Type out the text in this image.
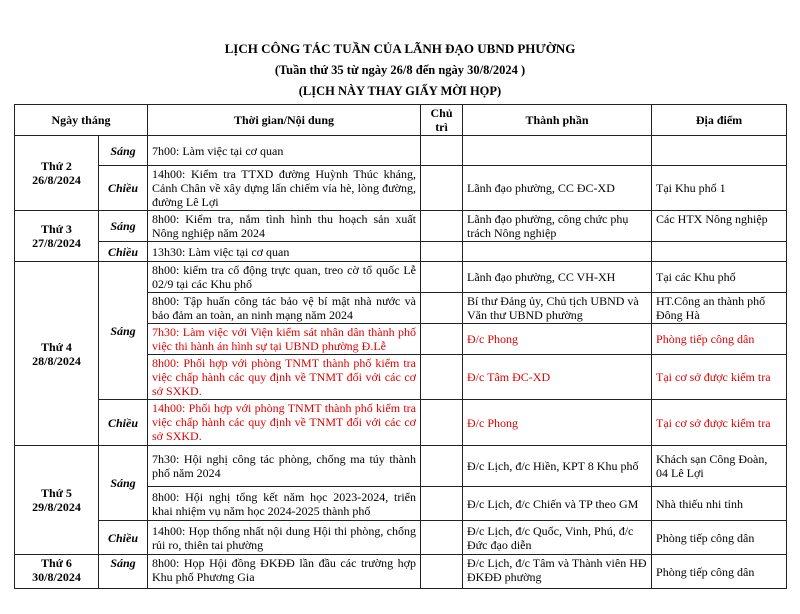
LỊCH CÔNG TÁC TUẦN CỦA LÃNH ĐẠO UBND PHƯỜNG
(Tuần thứ 35 từ ngày 26/8 đến ngày 30/8/2024 )
(LỊCH NÀY THAY GIẤY MỜI HỌP)
Ngày tháng		Thời gian/Nội dung	Chủ trì	Thành phần	Địa điểm

Thứ 2
26/8/2024	Sáng	7h00: Làm việc tại cơ quan			
	Chiều	14h00: Kiểm tra TTXD đường Huỳnh Thúc kháng, Cảnh Chân về xây dựng lấn chiếm vỉa hè, lòng đường, đường Lê Lợi		Lãnh đạo phường, CC ĐC-XD	Tại Khu phố 1

Thứ 3
27/8/2024	Sáng	8h00: Kiểm tra, nắm tình hình thu hoạch sản xuất Nông nghiệp năm 2024		Lãnh đạo phường, công chức phụ trách Nông nghiệp	Các HTX Nông nghiệp
	Chiều	13h30: Làm việc tại cơ quan			

Thứ 4
28/8/2024	Sáng	8h00: kiểm tra cổ động trực quan, treo cờ tổ quốc Lễ 02/9 tại các Khu phố		Lãnh đạo phường, CC VH-XH	Tại các Khu phố
		8h00: Tập huấn công tác bảo vệ bí mật nhà nước và bảo đảm an toàn, an ninh mạng năm 2024		Bí thư Đảng ủy, Chủ tịch UBND và Văn thư UBND phường	HT.Công an thành phố Đông Hà
		7h30: Làm việc với Viện kiểm sát nhân dân thành phố việc thi hành án hình sự tại UBND phường Đ.Lễ		Đ/c Phong	Phòng tiếp công dân
		8h00: Phối hợp với phòng TNMT thành phố kiểm tra việc chấp hành các quy định về TNMT đối với các cơ sở SXKD.		Đ/c Tâm ĐC-XD	Tại cơ sở được kiểm tra
	Chiều	14h00: Phối hợp với phòng TNMT thành phố kiểm tra việc chấp hành các quy định về TNMT đối với các cơ sở SXKD.		Đ/c Phong	Tại cơ sở được kiểm tra

Thứ 5
29/8/2024	Sáng	7h30: Hội nghị công tác phòng, chống ma túy thành phố năm 2024		Đ/c Lịch, đ/c Hiền, KPT 8 Khu phố	Khách sạn Công Đoàn, 04 Lê Lợi
		8h00: Hội nghị tổng kết năm học 2023-2024, triển khai nhiệm vụ năm học 2024-2025 thành phố		Đ/c Lịch, đ/c Chiến và TP theo GM	Nhà thiếu nhi tỉnh
	Chiều	14h00: Họp thống nhất nội dung Hội thi phòng, chống rủi ro, thiên tai phường		Đ/c Lịch, đ/c Quốc, Vinh, Phú, đ/c Đức đạo diễn	Phòng tiếp công dân

Thứ 6
30/8/2024	Sáng	8h00: Họp Hội đồng ĐKĐĐ lần đầu các trường hợp Khu phố Phương Gia		Đ/c Lịch, đ/c Tâm và Thành viên HĐ ĐKĐĐ phường	Phòng tiếp công dân
